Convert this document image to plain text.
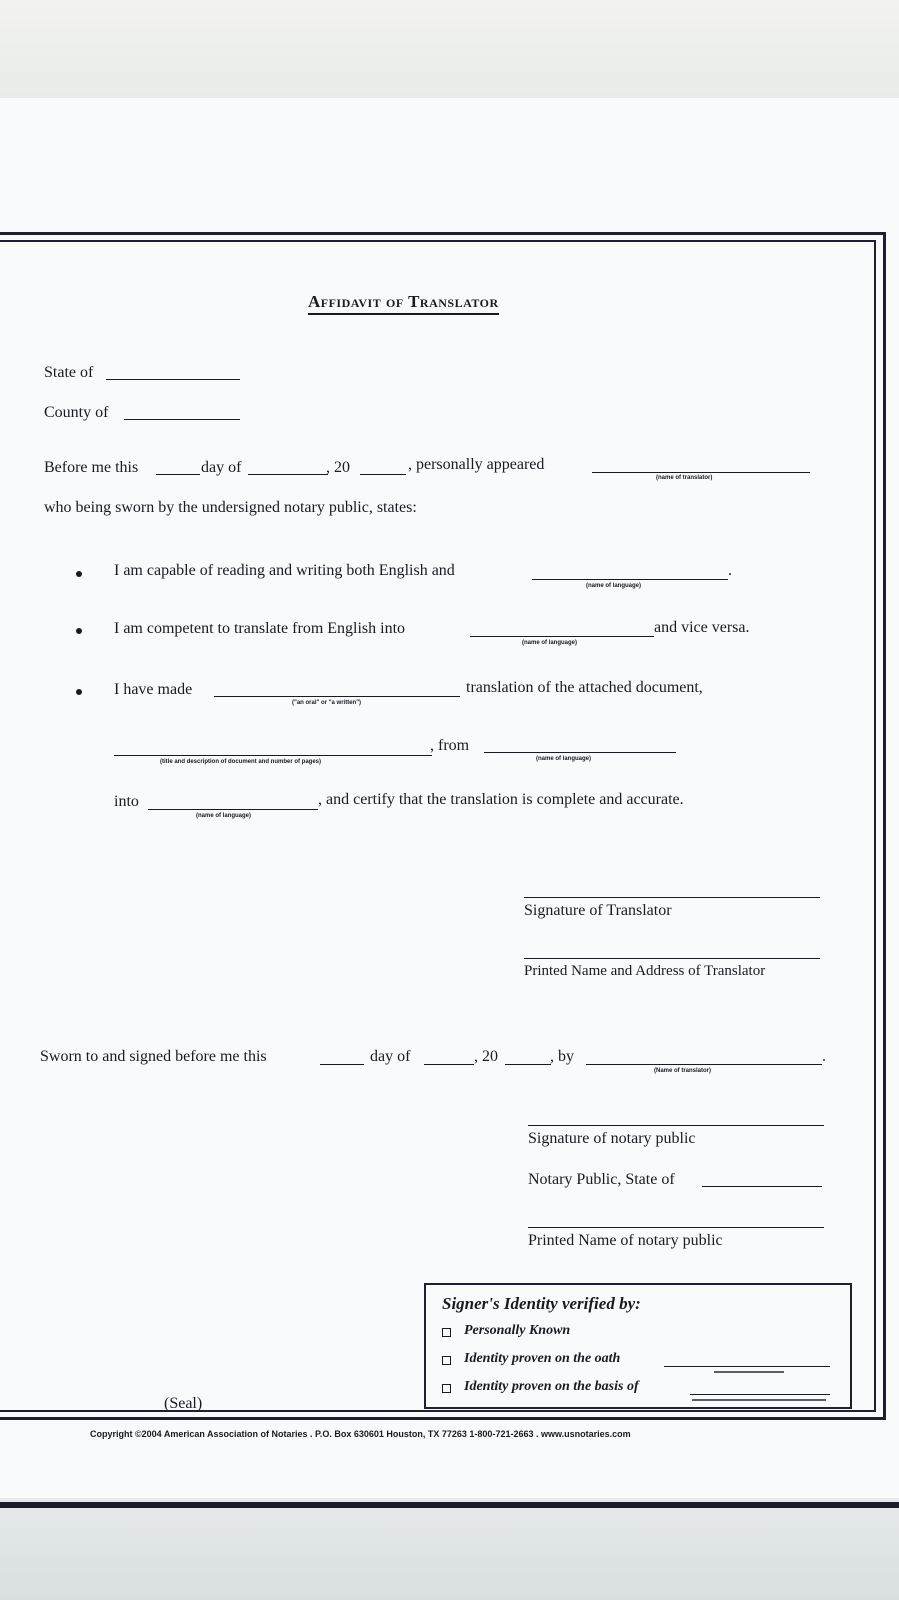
Affidavit of Translator
State of
County of
Before me this	day of	, 20	, personally appeared
(name of translator)
who being sworn by the undersigned notary public, states:
I am capable of reading and writing both English and
(name of language)
.
I am competent to translate from English into
(name of language)
and vice versa.
I have made
("an oral" or "a written")
translation of the attached document,
(title and description of document and number of pages)
, from
(name of language)
into
(name of language)
, and certify that the translation is complete and accurate.
Signature of Translator
Printed Name and Address of Translator
Sworn to and signed before me this	day of	, 20	, by
(Name of translator)
.
Signature of notary public
Notary Public, State of
Printed Name of notary public
(Seal)
Signer's Identity verified by:
Personally Known
Identity proven on the oath
Identity proven on the basis of
Copyright ©2004 American Association of Notaries . P.O. Box 630601 Houston, TX 77263 1-800-721-2663 . www.usnotaries.com
